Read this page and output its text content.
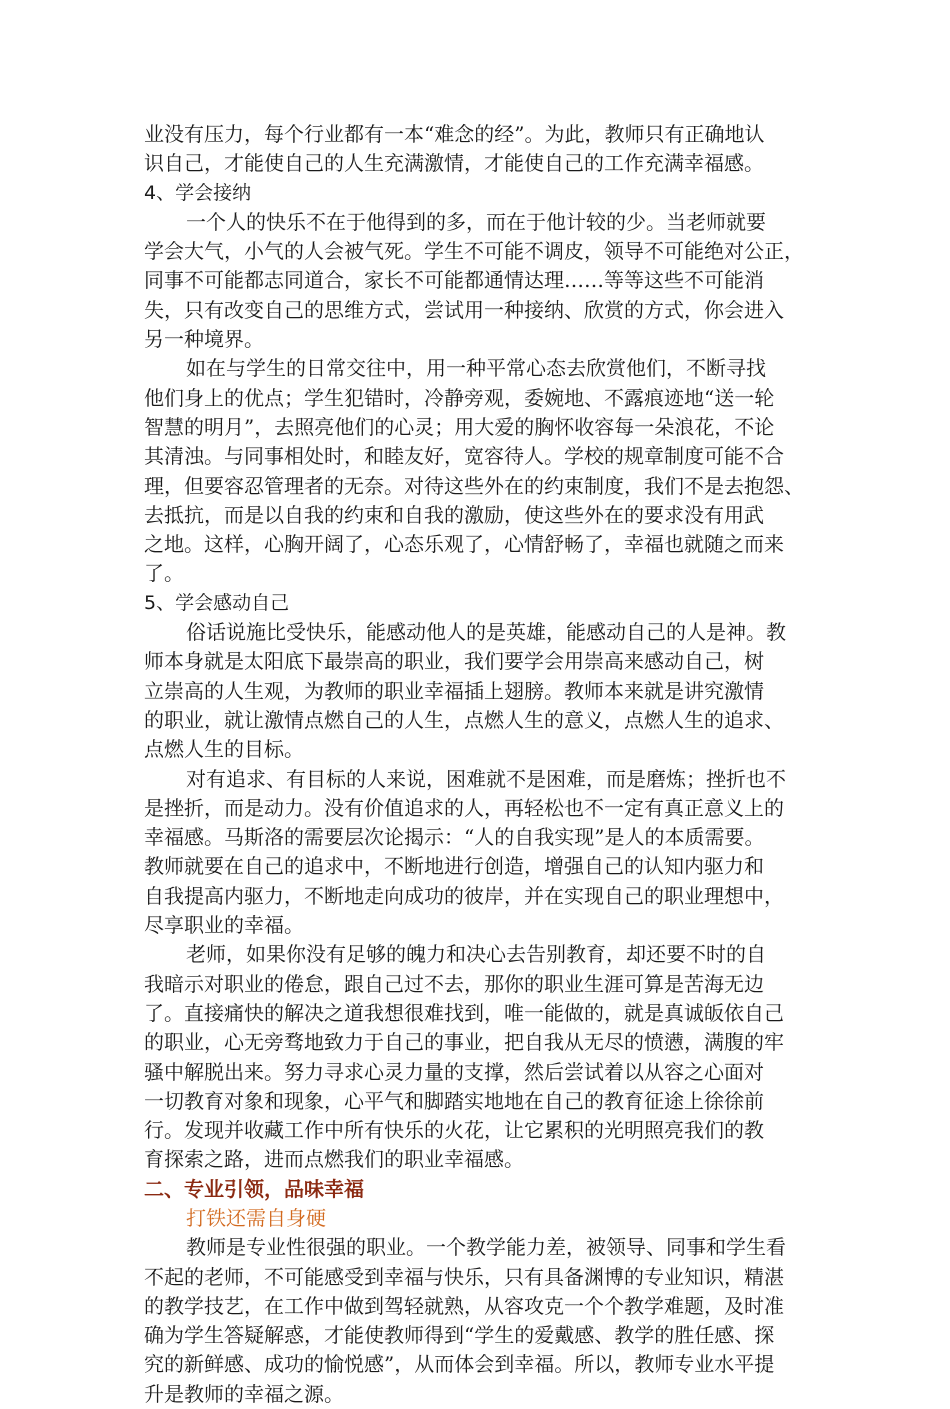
业没有压力，每个行业都有一本“难念的经”。为此，教师只有正确地认
识自己，才能使自己的人生充满激情，才能使自己的工作充满幸福感。
4、学会接纳
一个人的快乐不在于他得到的多，而在于他计较的少。当老师就要
学会大气，小气的人会被气死。学生不可能不调皮，领导不可能绝对公正，
同事不可能都志同道合，家长不可能都通情达理……等等这些不可能消
失，只有改变自己的思维方式，尝试用一种接纳、欣赏的方式，你会进入
另一种境界。
如在与学生的日常交往中，用一种平常心态去欣赏他们，不断寻找
他们身上的优点；学生犯错时，冷静旁观，委婉地、不露痕迹地“送一轮
智慧的明月”，去照亮他们的心灵；用大爱的胸怀收容每一朵浪花，不论
其清浊。与同事相处时，和睦友好，宽容待人。学校的规章制度可能不合
理，但要容忍管理者的无奈。对待这些外在的约束制度，我们不是去抱怨、
去抵抗，而是以自我的约束和自我的激励，使这些外在的要求没有用武
之地。这样，心胸开阔了，心态乐观了，心情舒畅了，幸福也就随之而来
了。
5、学会感动自己
俗话说施比受快乐，能感动他人的是英雄，能感动自己的人是神。教
师本身就是太阳底下最崇高的职业，我们要学会用崇高来感动自己，树
立崇高的人生观，为教师的职业幸福插上翅膀。教师本来就是讲究激情
的职业，就让激情点燃自己的人生，点燃人生的意义，点燃人生的追求、
点燃人生的目标。
对有追求、有目标的人来说，困难就不是困难，而是磨炼；挫折也不
是挫折，而是动力。没有价值追求的人，再轻松也不一定有真正意义上的
幸福感。马斯洛的需要层次论揭示：“人的自我实现”是人的本质需要。
教师就要在自己的追求中，不断地进行创造，增强自己的认知内驱力和
自我提高内驱力，不断地走向成功的彼岸，并在实现自己的职业理想中，
尽享职业的幸福。
老师，如果你没有足够的魄力和决心去告别教育，却还要不时的自
我暗示对职业的倦怠，跟自己过不去，那你的职业生涯可算是苦海无边
了。直接痛快的解决之道我想很难找到，唯一能做的，就是真诚皈依自己
的职业，心无旁骛地致力于自己的事业，把自我从无尽的愤懑，满腹的牢
骚中解脱出来。努力寻求心灵力量的支撑，然后尝试着以从容之心面对
一切教育对象和现象，心平气和脚踏实地地在自己的教育征途上徐徐前
行。发现并收藏工作中所有快乐的火花，让它累积的光明照亮我们的教
育探索之路，进而点燃我们的职业幸福感。
二、专业引领，品味幸福
打铁还需自身硬
教师是专业性很强的职业。一个教学能力差，被领导、同事和学生看
不起的老师，不可能感受到幸福与快乐，只有具备渊博的专业知识，精湛
的教学技艺，在工作中做到驾轻就熟，从容攻克一个个教学难题，及时准
确为学生答疑解惑，才能使教师得到“学生的爱戴感、教学的胜任感、探
究的新鲜感、成功的愉悦感”，从而体会到幸福。所以，教师专业水平提
升是教师的幸福之源。
